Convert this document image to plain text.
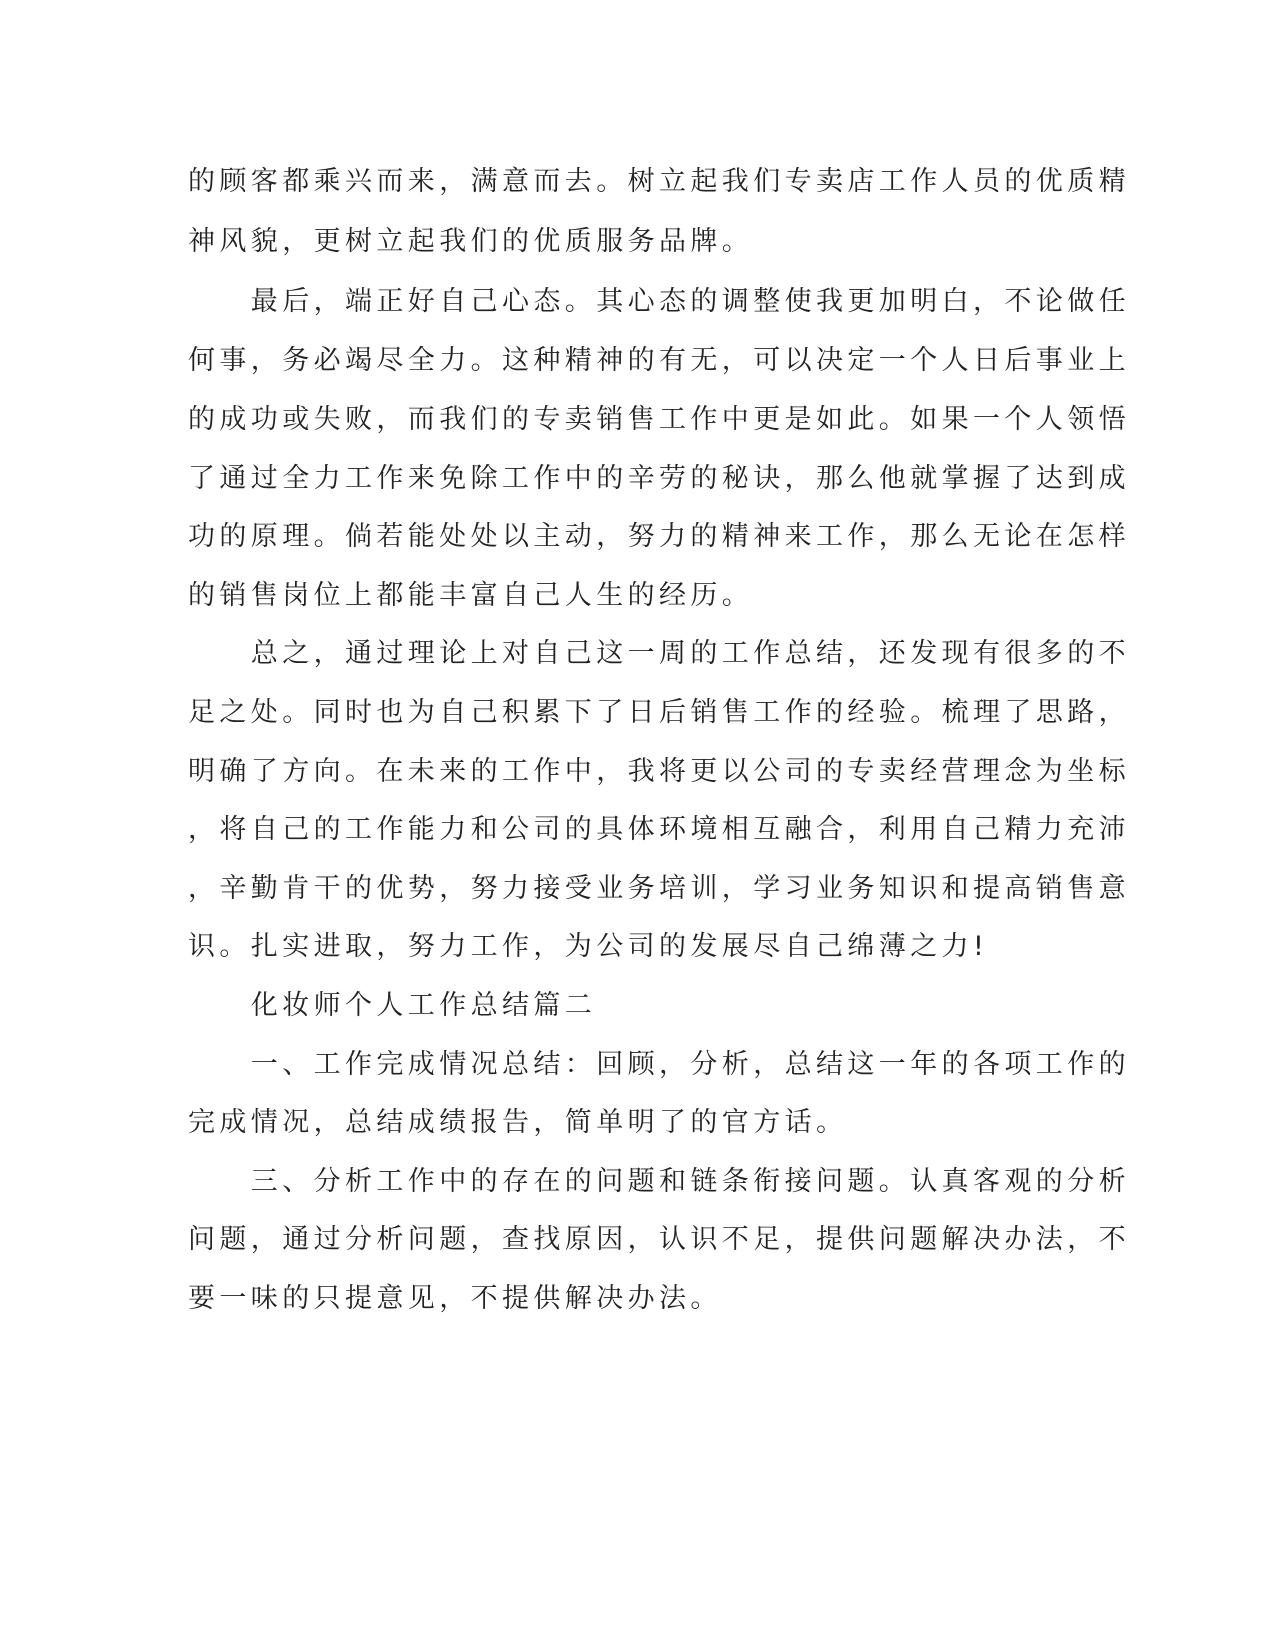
的顾客都乘兴而来，满意而去。树立起我们专卖店工作人员的优质精
神风貌，更树立起我们的优质服务品牌。
　　最后，端正好自己心态。其心态的调整使我更加明白，不论做任
何事，务必竭尽全力。这种精神的有无，可以决定一个人日后事业上
的成功或失败，而我们的专卖销售工作中更是如此。如果一个人领悟
了通过全力工作来免除工作中的辛劳的秘诀，那么他就掌握了达到成
功的原理。倘若能处处以主动，努力的精神来工作，那么无论在怎样
的销售岗位上都能丰富自己人生的经历。
　　总之，通过理论上对自己这一周的工作总结，还发现有很多的不
足之处。同时也为自己积累下了日后销售工作的经验。梳理了思路，
明确了方向。在未来的工作中，我将更以公司的专卖经营理念为坐标
，将自己的工作能力和公司的具体环境相互融合，利用自己精力充沛
，辛勤肯干的优势，努力接受业务培训，学习业务知识和提高销售意
识。扎实进取，努力工作，为公司的发展尽自己绵薄之力!
　　化妆师个人工作总结篇二
　　一、工作完成情况总结：回顾，分析，总结这一年的各项工作的
完成情况，总结成绩报告，简单明了的官方话。
　　三、分析工作中的存在的问题和链条衔接问题。认真客观的分析
问题，通过分析问题，查找原因，认识不足，提供问题解决办法，不
要一味的只提意见，不提供解决办法。
